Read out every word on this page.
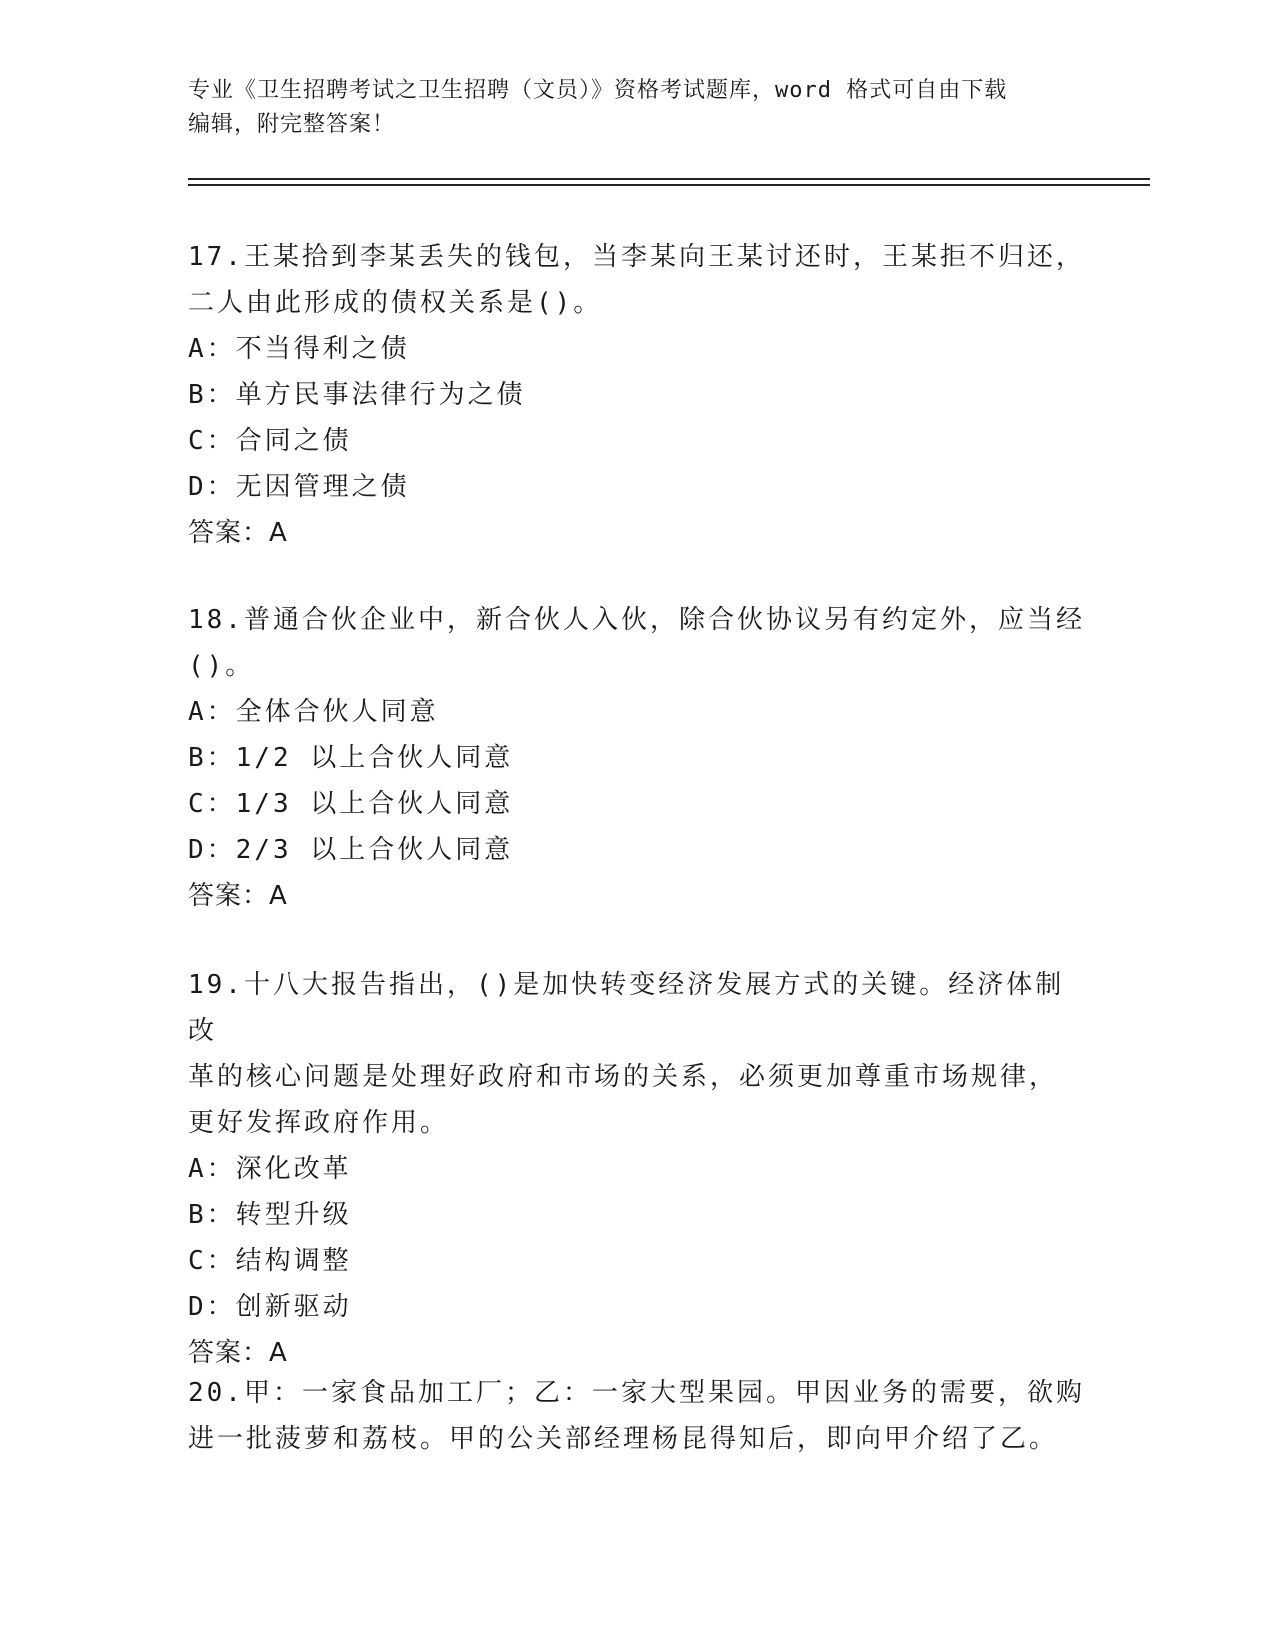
专业《卫生招聘考试之卫生招聘（文员）》资格考试题库，word 格式可自由下载
编辑，附完整答案！

17.王某拾到李某丢失的钱包，当李某向王某讨还时，王某拒不归还，

二人由此形成的债权关系是()。

A：不当得利之债

B：单方民事法律行为之债

C：合同之债

D：无因管理之债

答案：A

18.普通合伙企业中，新合伙人入伙，除合伙协议另有约定外，应当经

()。

A：全体合伙人同意

B：1/2 以上合伙人同意

C：1/3 以上合伙人同意

D：2/3 以上合伙人同意

答案：A

19.十八大报告指出，()是加快转变经济发展方式的关键。经济体制改

革的核心问题是处理好政府和市场的关系，必须更加尊重市场规律，

更好发挥政府作用。

A：深化改革

B：转型升级

C：结构调整

D：创新驱动

答案：A

20.甲：一家食品加工厂；乙：一家大型果园。甲因业务的需要，欲购

进一批菠萝和荔枝。甲的公关部经理杨昆得知后，即向甲介绍了乙。
